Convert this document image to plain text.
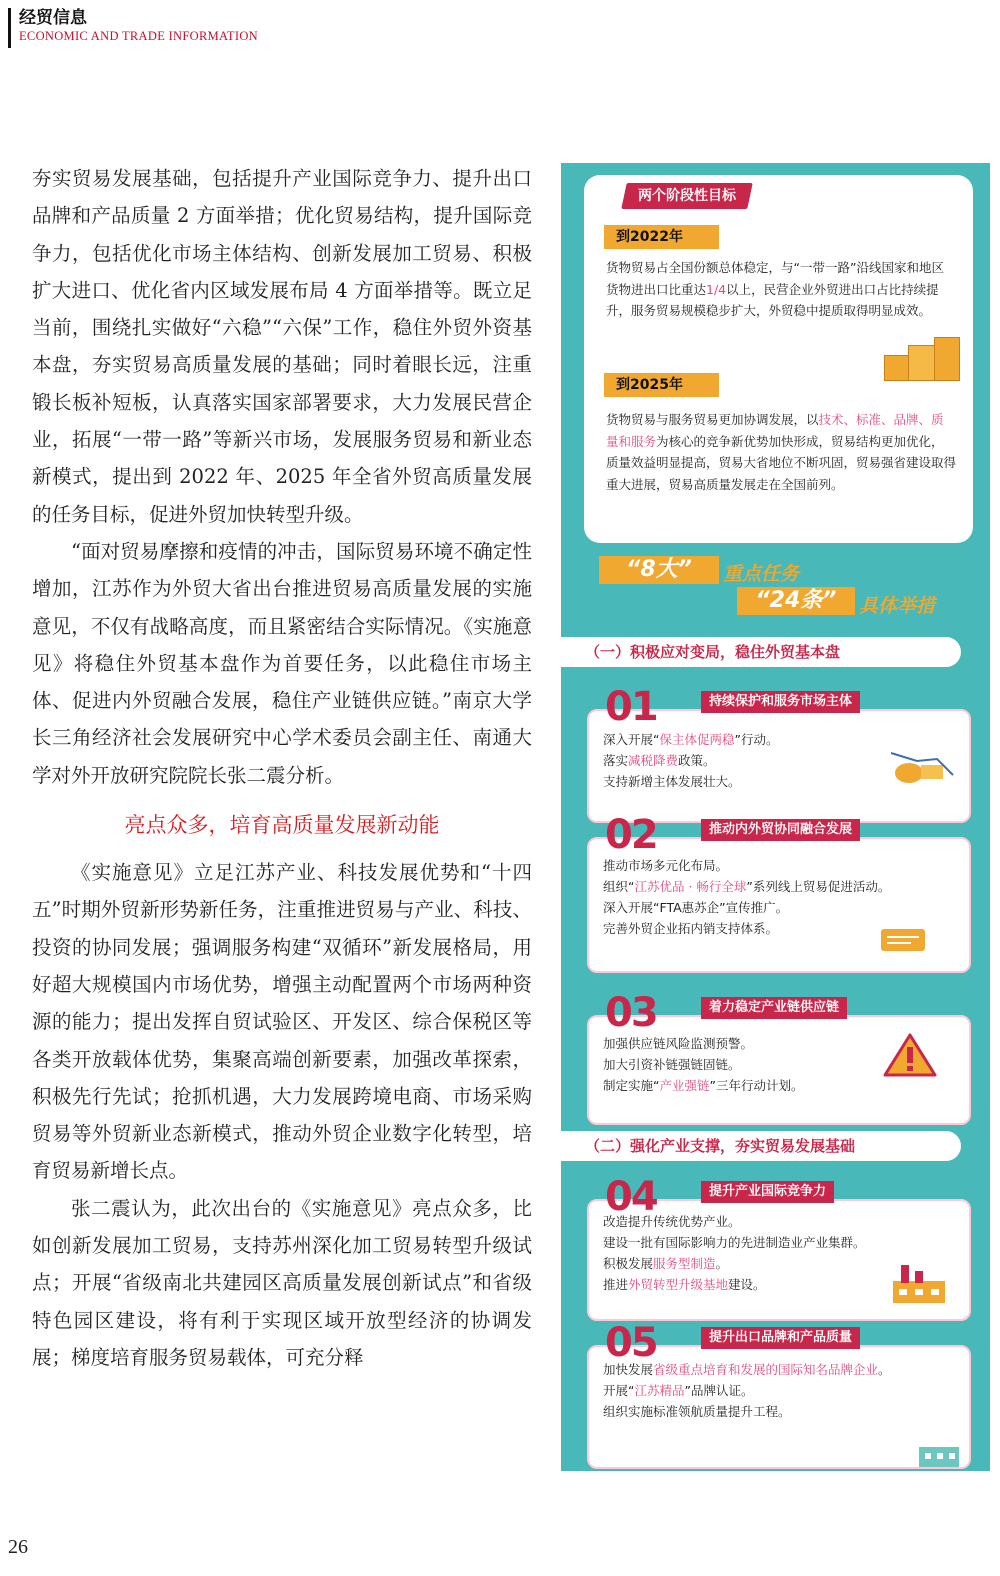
经贸信息
ECONOMIC AND TRADE INFORMATION

夯实贸易发展基础，包括提升产业国际竞争力、提升出口品牌和产品质量 2 方面举措；优化贸易结构，提升国际竞争力，包括优化市场主体结构、创新发展加工贸易、积极扩大进口、优化省内区域发展布局 4 方面举措等。既立足当前，围绕扎实做好“六稳”“六保”工作，稳住外贸外资基本盘，夯实贸易高质量发展的基础；同时着眼长远，注重锻长板补短板，认真落实国家部署要求，大力发展民营企业，拓展“一带一路”等新兴市场，发展服务贸易和新业态新模式，提出到 2022 年、2025 年全省外贸高质量发展的任务目标，促进外贸加快转型升级。

“面对贸易摩擦和疫情的冲击，国际贸易环境不确定性增加，江苏作为外贸大省出台推进贸易高质量发展的实施意见，不仅有战略高度，而且紧密结合实际情况。《实施意见》将稳住外贸基本盘作为首要任务，以此稳住市场主体、促进内外贸融合发展，稳住产业链供应链。”南京大学长三角经济社会发展研究中心学术委员会副主任、南通大学对外开放研究院院长张二震分析。

亮点众多，培育高质量发展新动能

《实施意见》立足江苏产业、科技发展优势和“十四五”时期外贸新形势新任务，注重推进贸易与产业、科技、投资的协同发展；强调服务构建“双循环”新发展格局，用好超大规模国内市场优势，增强主动配置两个市场两种资源的能力；提出发挥自贸试验区、开发区、综合保税区等各类开放载体优势，集聚高端创新要素，加强改革探索，积极先行先试；抢抓机遇，大力发展跨境电商、市场采购贸易等外贸新业态新模式，推动外贸企业数字化转型，培育贸易新增长点。

张二震认为，此次出台的《实施意见》亮点众多，比如创新发展加工贸易，支持苏州深化加工贸易转型升级试点；开展“省级南北共建园区高质量发展创新试点”和省级特色园区建设，将有利于实现区域开放型经济的协调发展；梯度培育服务贸易载体，可充分释

26
两个阶段性目标
到2022年
货物贸易占全国份额总体稳定，与“一带一路”沿线国家和地区货物进出口比重达1/4以上，民营企业外贸进出口占比持续提升，服务贸易规模稳步扩大，外贸稳中提质取得明显成效。
到2025年
货物贸易与服务贸易更加协调发展，以技术、标准、品牌、质量和服务为核心的竞争新优势加快形成，贸易结构更加优化，质量效益明显提高，贸易大省地位不断巩固，贸易强省建设取得重大进展，贸易高质量发展走在全国前列。
“8大”	重点任务
“24条”	具体举措
（一）积极应对变局，稳住外贸基本盘
深入开展“保主体促两稳”行动。
落实减税降费政策。
支持新增主体发展壮大。
01	持续保护和服务市场主体
推动市场多元化布局。
组织“江苏优品 · 畅行全球”系列线上贸易促进活动。
深入开展“FTA惠苏企”宣传推广。
完善外贸企业拓内销支持体系。
02	推动内外贸协同融合发展
加强供应链风险监测预警。
加大引资补链强链固链。
制定实施“产业强链”三年行动计划。
03	着力稳定产业链供应链
（二）强化产业支撑，夯实贸易发展基础
改造提升传统优势产业。
建设一批有国际影响力的先进制造业产业集群。
积极发展服务型制造。
推进外贸转型升级基地建设。
04	提升产业国际竞争力
加快发展省级重点培育和发展的国际知名品牌企业。
开展“江苏精品”品牌认证。
组织实施标准领航质量提升工程。
05	提升出口品牌和产品质量
